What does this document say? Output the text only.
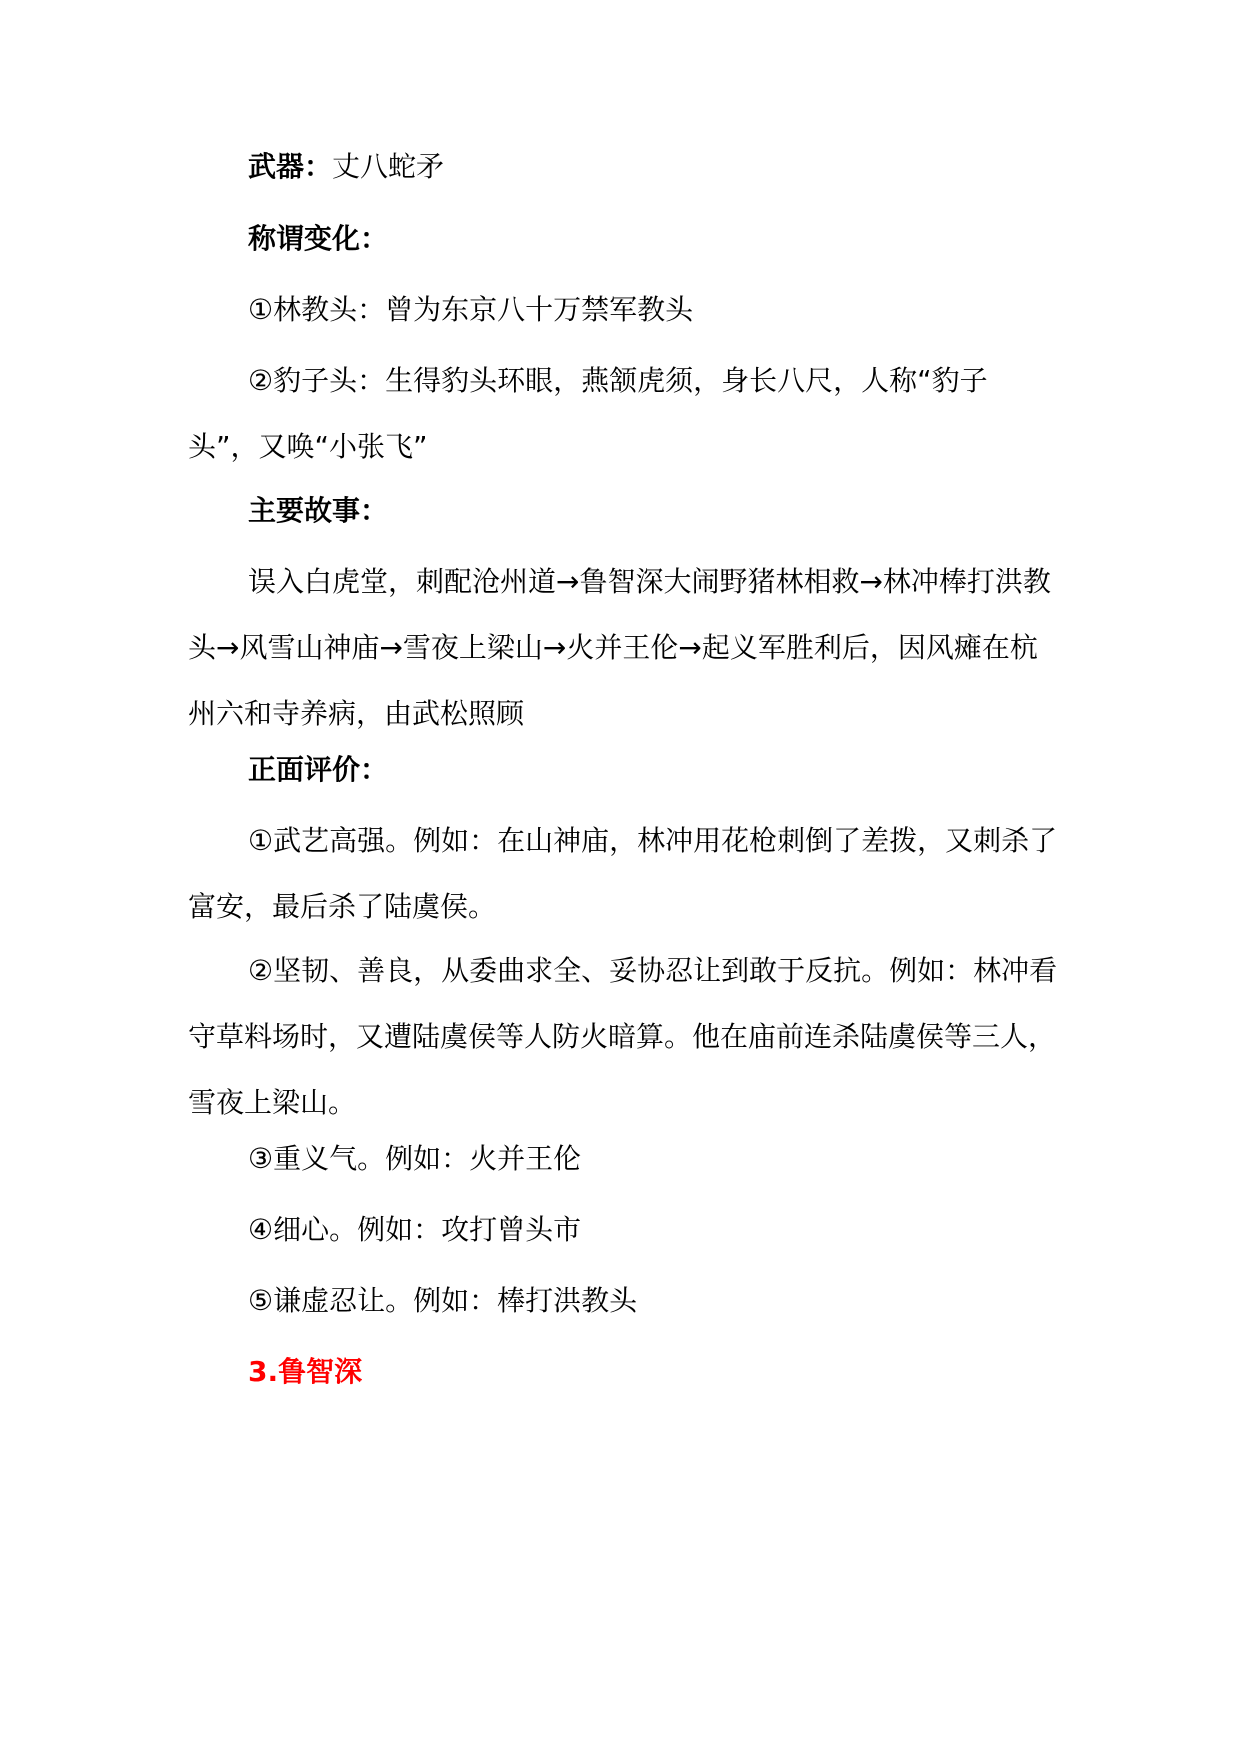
武器：丈八蛇矛

称谓变化：

①林教头：曾为东京八十万禁军教头

②豹子头：生得豹头环眼，燕颔虎须，身长八尺，人称“豹子头”，又唤“小张飞”

主要故事：

误入白虎堂，刺配沧州道→鲁智深大闹野猪林相救→林冲棒打洪教头→风雪山神庙→雪夜上梁山→火并王伦→起义军胜利后，因风瘫在杭州六和寺养病，由武松照顾

正面评价：

①武艺高强。例如：在山神庙，林冲用花枪刺倒了差拨，又刺杀了富安，最后杀了陆虞侯。

②坚韧、善良，从委曲求全、妥协忍让到敢于反抗。例如：林冲看守草料场时，又遭陆虞侯等人防火暗算。他在庙前连杀陆虞侯等三人，雪夜上梁山。

③重义气。例如：火并王伦

④细心。例如：攻打曾头市

⑤谦虚忍让。例如：棒打洪教头

3.鲁智深
